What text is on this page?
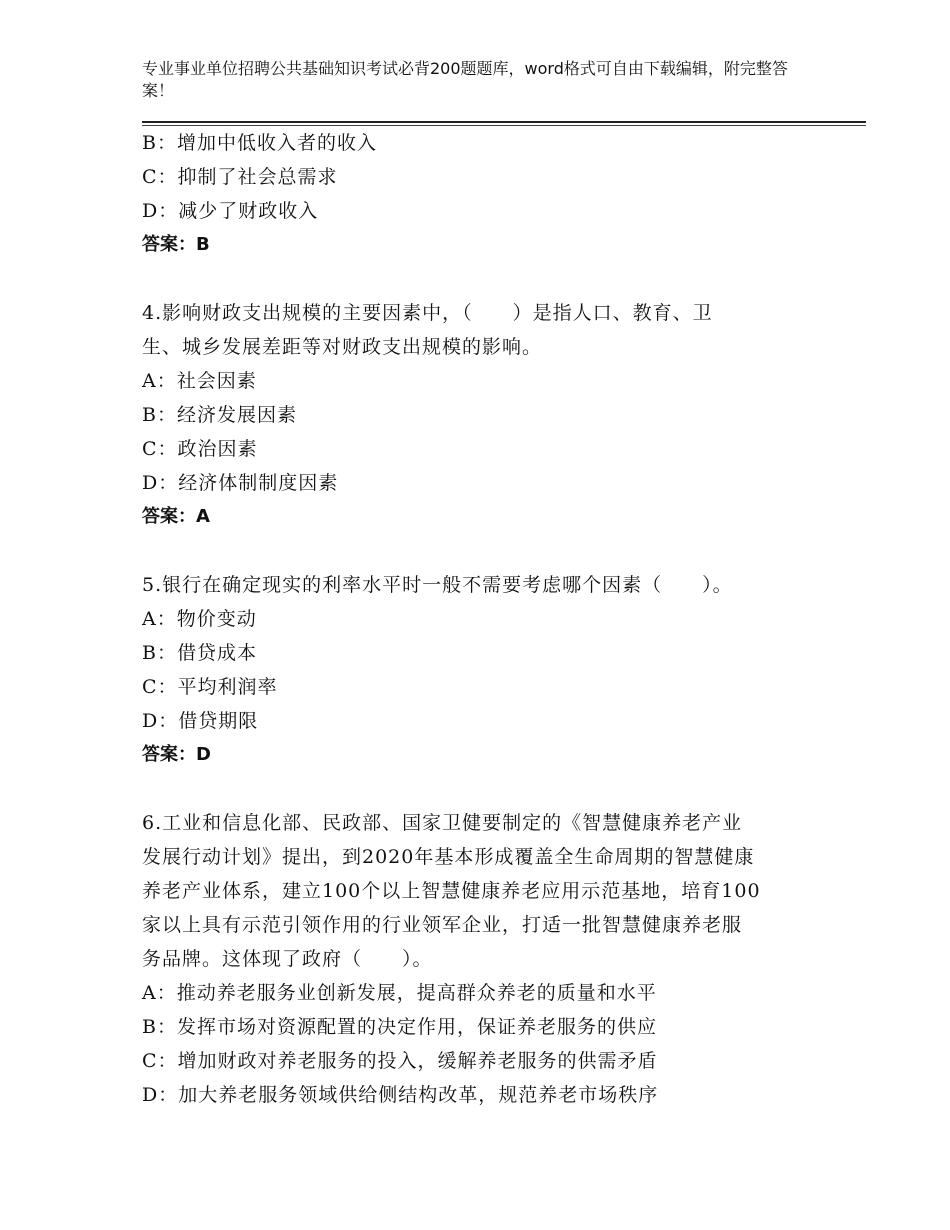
专业事业单位招聘公共基础知识考试必背200题题库，word格式可自由下载编辑，附完整答案！
B：增加中低收入者的收入
C：抑制了社会总需求
D：减少了财政收入
答案：B
4.影响财政支出规模的主要因素中，（　　）是指人口、教育、卫
生、城乡发展差距等对财政支出规模的影响。
A：社会因素
B：经济发展因素
C：政治因素
D：经济体制制度因素
答案：A
5.银行在确定现实的利率水平时一般不需要考虑哪个因素（　　）。
A：物价变动
B：借贷成本
C：平均利润率
D：借贷期限
答案：D
6.工业和信息化部、民政部、国家卫健要制定的《智慧健康养老产业
发展行动计划》提出，到2020年基本形成覆盖全生命周期的智慧健康
养老产业体系，建立100个以上智慧健康养老应用示范基地，培育100
家以上具有示范引领作用的行业领军企业，打适一批智慧健康养老服
务品牌。这体现了政府（　　）。
A：推动养老服务业创新发展，提高群众养老的质量和水平
B：发挥市场对资源配置的决定作用，保证养老服务的供应
C：增加财政对养老服务的投入，缓解养老服务的供需矛盾
D：加大养老服务领域供给侧结构改革，规范养老市场秩序
